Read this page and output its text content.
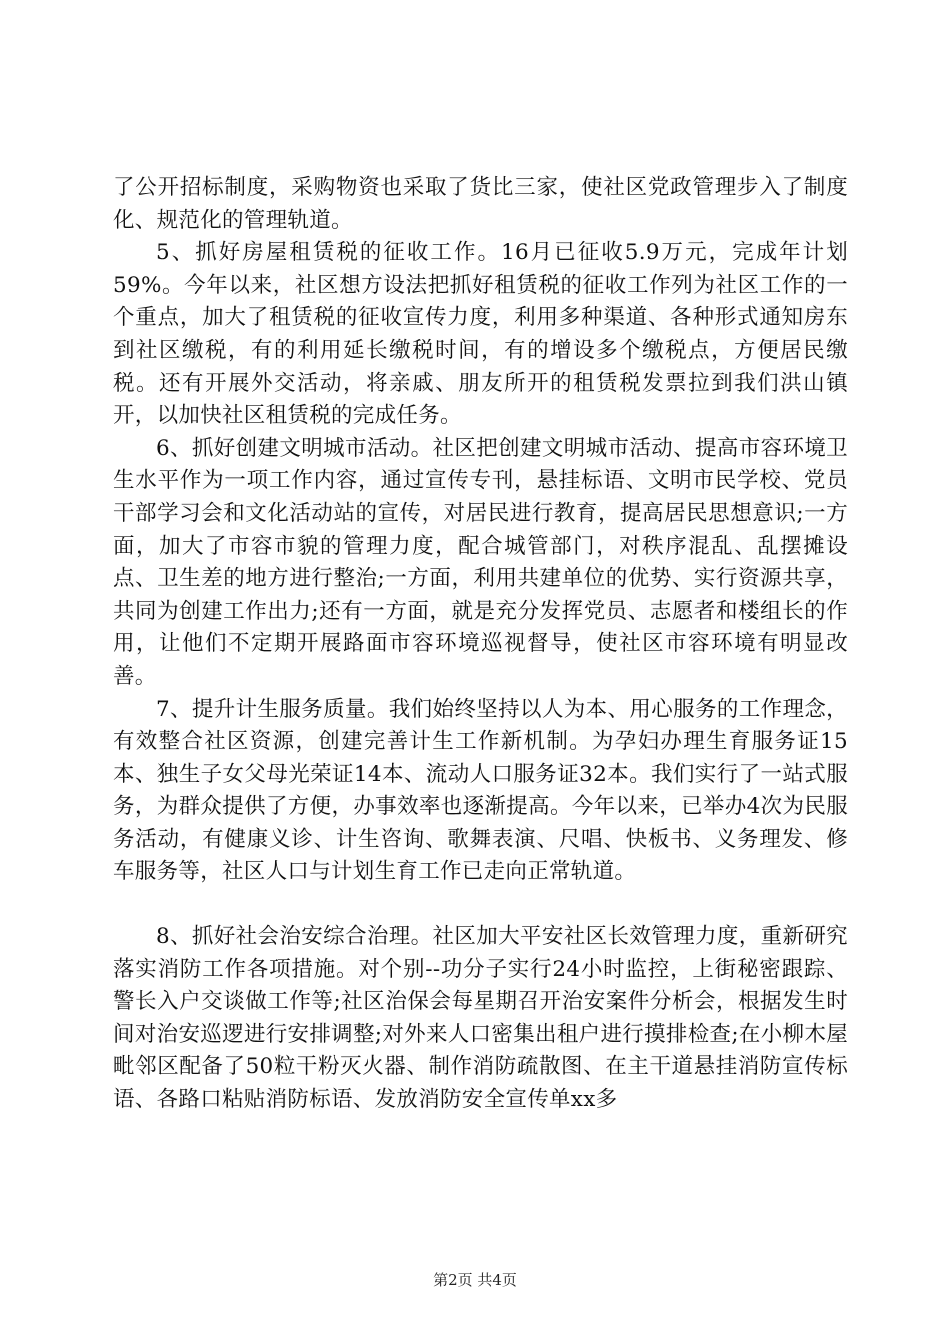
了公开招标制度，采购物资也采取了货比三家，使社区党政管理步入了制度化、规范化的管理轨道。

5、抓好房屋租赁税的征收工作。16月已征收5.9万元，完成年计划59%。今年以来，社区想方设法把抓好租赁税的征收工作列为社区工作的一个重点，加大了租赁税的征收宣传力度，利用多种渠道、各种形式通知房东到社区缴税，有的利用延长缴税时间，有的增设多个缴税点，方便居民缴税。还有开展外交活动，将亲戚、朋友所开的租赁税发票拉到我们洪山镇开，以加快社区租赁税的完成任务。

6、抓好创建文明城市活动。社区把创建文明城市活动、提高市容环境卫生水平作为一项工作内容，通过宣传专刊，悬挂标语、文明市民学校、党员干部学习会和文化活动站的宣传，对居民进行教育，提高居民思想意识;一方面，加大了市容市貌的管理力度，配合城管部门，对秩序混乱、乱摆摊设点、卫生差的地方进行整治;一方面，利用共建单位的优势、实行资源共享，共同为创建工作出力;还有一方面，就是充分发挥党员、志愿者和楼组长的作用，让他们不定期开展路面市容环境巡视督导，使社区市容环境有明显改善。

7、提升计生服务质量。我们始终坚持以人为本、用心服务的工作理念，有效整合社区资源，创建完善计生工作新机制。为孕妇办理生育服务证15本、独生子女父母光荣证14本、流动人口服务证32本。我们实行了一站式服务，为群众提供了方便，办事效率也逐渐提高。今年以来，已举办4次为民服务活动，有健康义诊、计生咨询、歌舞表演、尺唱、快板书、义务理发、修车服务等，社区人口与计划生育工作已走向正常轨道。

8、抓好社会治安综合治理。社区加大平安社区长效管理力度，重新研究落实消防工作各项措施。对个别--功分子实行24小时监控，上街秘密跟踪、警长入户交谈做工作等;社区治保会每星期召开治安案件分析会，根据发生时间对治安巡逻进行安排调整;对外来人口密集出租户进行摸排检查;在小柳木屋毗邻区配备了50粒干粉灭火器、制作消防疏散图、在主干道悬挂消防宣传标语、各路口粘贴消防标语、发放消防安全宣传单xx多

第2页 共4页
